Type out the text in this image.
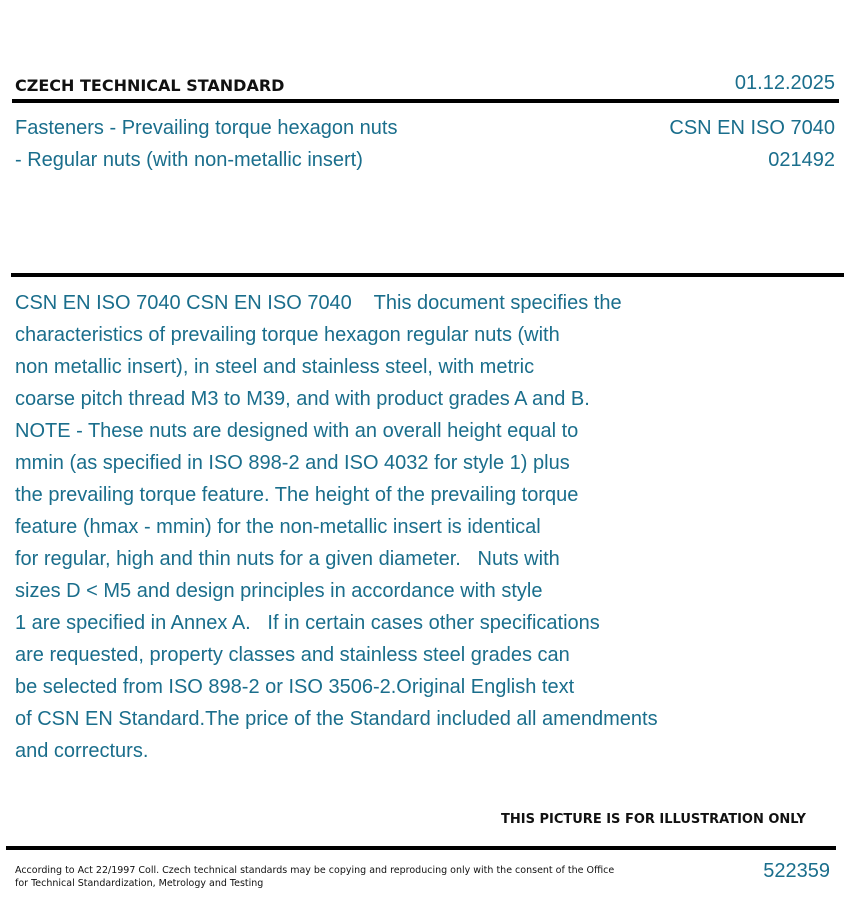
CZECH TECHNICAL STANDARD	01.12.2025
Fasteners - Prevailing torque hexagon nuts
- Regular nuts (with non-metallic insert)
CSN EN ISO 7040
021492
CSN EN ISO 7040 CSN EN ISO 7040    This document specifies the
characteristics of prevailing torque hexagon regular nuts (with
non metallic insert), in steel and stainless steel, with metric
coarse pitch thread M3 to M39, and with product grades A and B.
NOTE - These nuts are designed with an overall height equal to
mmin (as specified in ISO 898-2 and ISO 4032 for style 1) plus
the prevailing torque feature. The height of the prevailing torque
feature (hmax - mmin) for the non-metallic insert is identical
for regular, high and thin nuts for a given diameter.   Nuts with
sizes D < M5 and design principles in accordance with style
1 are specified in Annex A.   If in certain cases other specifications
are requested, property classes and stainless steel grades can
be selected from ISO 898-2 or ISO 3506-2.Original English text
of CSN EN Standard.The price of the Standard included all amendments
and correcturs.
THIS PICTURE IS FOR ILLUSTRATION ONLY
According to Act 22/1997 Coll. Czech technical standards may be copying and reproducing only with the consent of the Office
for Technical Standardization, Metrology and Testing
522359
